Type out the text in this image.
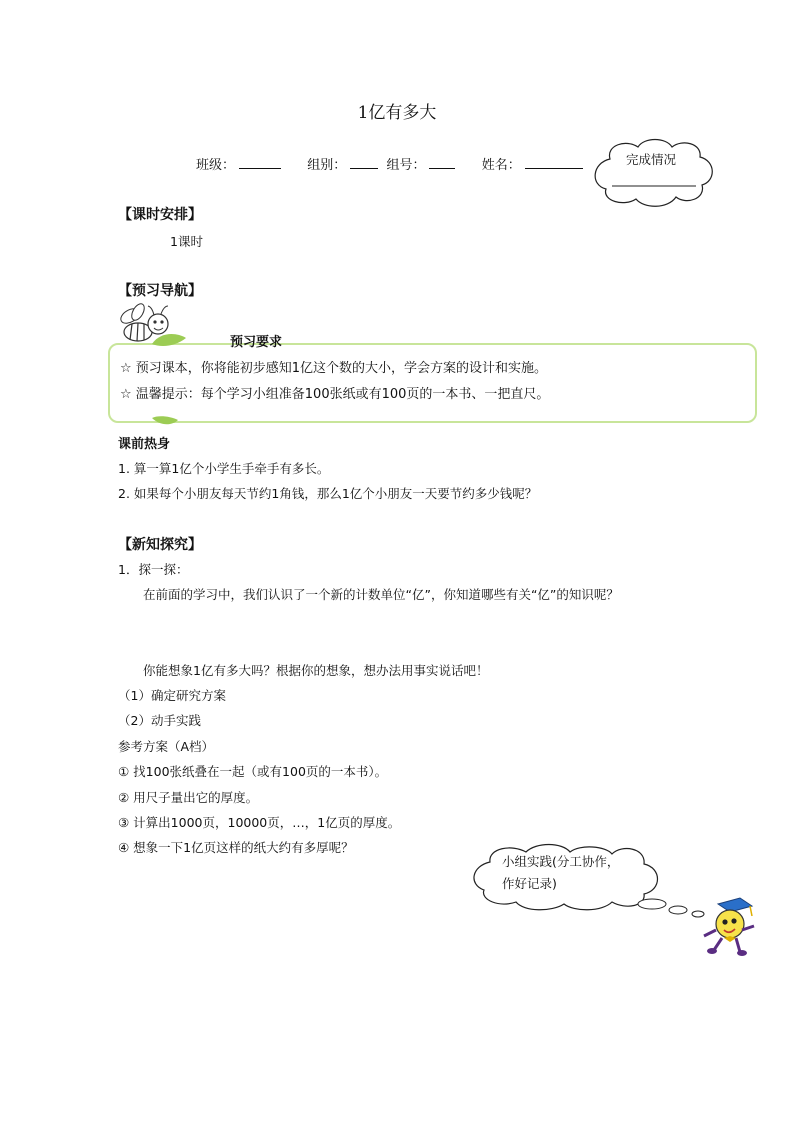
1亿有多大
班级：	组别：	组号：	姓名：	完成情况
【课时安排】
1课时
【预习导航】
预习要求
☆ 预习课本，你将能初步感知1亿这个数的大小，学会方案的设计和实施。
☆ 温馨提示：每个学习小组准备100张纸或有100页的一本书、一把直尺。
课前热身
1. 算一算1亿个小学生手牵手有多长。
2. 如果每个小朋友每天节约1角钱，那么1亿个小朋友一天要节约多少钱呢？
【新知探究】
1．探一探：
在前面的学习中，我们认识了一个新的计数单位“亿”，你知道哪些有关“亿”的知识呢？
你能想象1亿有多大吗？根据你的想象，想办法用事实说话吧！
（1）确定研究方案
（2）动手实践
参考方案（A档）
① 找100张纸叠在一起（或有100页的一本书）。
② 用尺子量出它的厚度。
③ 计算出1000页，10000页，…，1亿页的厚度。
④ 想象一下1亿页这样的纸大约有多厚呢？
小组实践(分工协作，
作好记录)
